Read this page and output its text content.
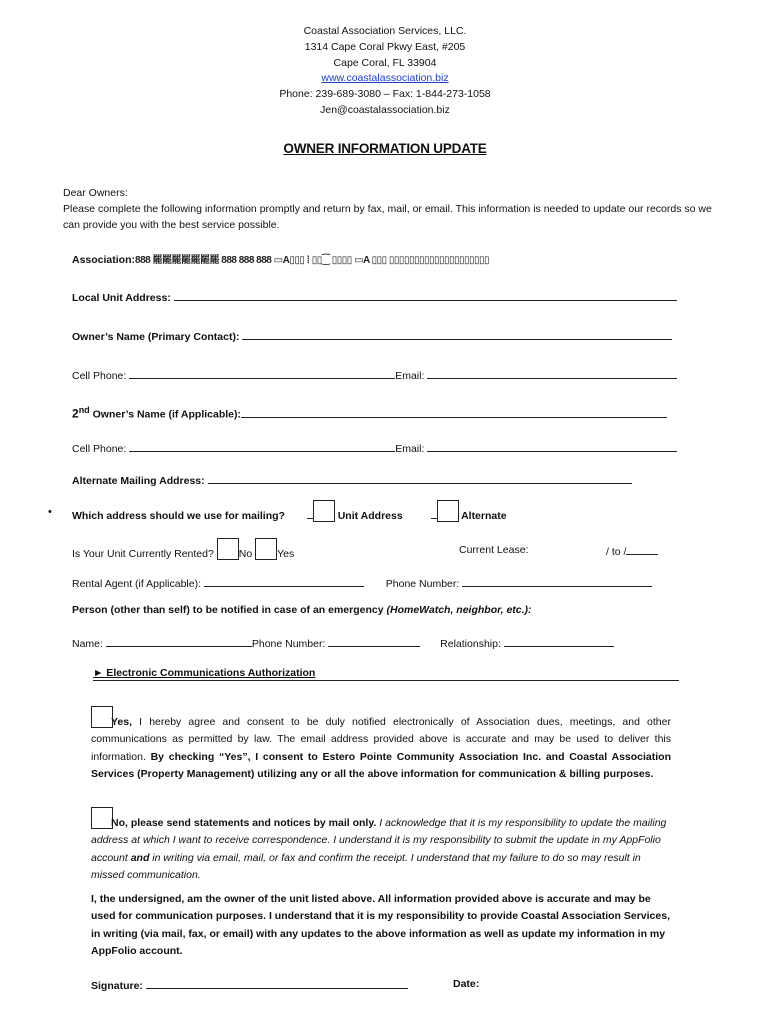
Coastal Association Services, LLC.
1314 Cape Coral Pkwy East, #205
Cape Coral, FL 33904
www.coastalassociation.biz
Phone: 239-689-3080 – Fax: 1-844-273-1058
Jen@coastalassociation.biz
OWNER INFORMATION UPDATE
Dear Owners:
Please complete the following information promptly and return by fax, mail, or email. This information is needed to update our records so we can provide you with the best service possible.
Association:888 罷罷罷罷罷罷罷 888 888 888 ▭A▯▯▯ ⁞ ▯▯⁐ ▯▯▯▯ ▭A ▯▯▯ ▯▯▯▯▯▯▯▯▯▯▯▯▯▯▯▯▯▯▯▯
Local Unit Address:
Owner’s Name (Primary Contact):
Cell Phone:	Email:
2nd Owner’s Name (if Applicable):
Cell Phone:	Email:
Alternate Mailing Address:
• Which address should we use for mailing?	Unit Address	Alternate
Is Your Unit Currently Rented? No Yes	Current Lease:	/ to /
Rental Agent (if Applicable):	Phone Number:
Person (other than self) to be notified in case of an emergency (HomeWatch, neighbor, etc.):
Name:	Phone Number:	Relationship:
► Electronic Communications Authorization
Yes, I hereby agree and consent to be duly notified electronically of Association dues, meetings, and other communications as permitted by law. The email address provided above is accurate and may be used to deliver this information. By checking “Yes”, I consent to Estero Pointe Community Association Inc. and Coastal Association Services (Property Management) utilizing any or all the above information for communication & billing purposes.
No, please send statements and notices by mail only. I acknowledge that it is my responsibility to update the mailing address at which I want to receive correspondence. I understand it is my responsibility to submit the update in my AppFolio account and in writing via email, mail, or fax and confirm the receipt. I understand that my failure to do so may result in missed communication.
I, the undersigned, am the owner of the unit listed above. All information provided above is accurate and may be used for communication purposes. I understand that it is my responsibility to provide Coastal Association Services, in writing (via mail, fax, or email) with any updates to the above information as well as update my information in my AppFolio account.
Signature:	Date:
